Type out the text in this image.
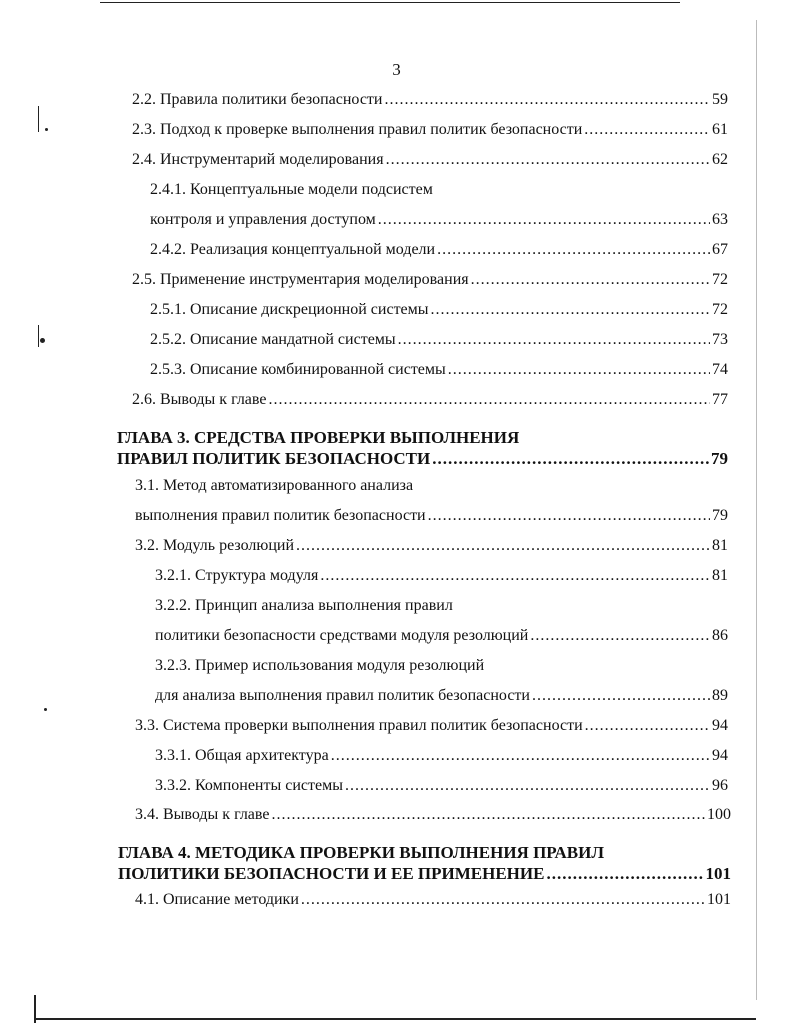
3
2.2. Правила политики безопасности .....	59
2.3. Подход к проверке выполнения правил политик безопасности .....	61
2.4. Инструментарий моделирования .....	62
2.4.1. Концептуальные модели подсистем
контроля и управления доступом .....	63
2.4.2. Реализация концептуальной модели .....	67
2.5. Применение инструментария моделирования .....	72
2.5.1. Описание дискреционной системы .....	72
2.5.2. Описание мандатной системы .....	73
2.5.3. Описание комбинированной системы .....	74
2.6. Выводы к главе .....	77
ГЛАВА 3. СРЕДСТВА ПРОВЕРКИ ВЫПОЛНЕНИЯ
ПРАВИЛ ПОЛИТИК БЕЗОПАСНОСТИ .....	79
3.1. Метод автоматизированного анализа
выполнения правил политик безопасности .....	79
3.2. Модуль резолюций .....	81
3.2.1. Структура модуля .....	81
3.2.2. Принцип анализа выполнения правил
политики безопасности средствами модуля резолюций .....	86
3.2.3. Пример использования модуля резолюций
для анализа выполнения правил политик безопасности .....	89
3.3. Система проверки выполнения правил политик безопасности .....	94
3.3.1. Общая архитектура .....	94
3.3.2. Компоненты системы .....	96
3.4. Выводы к главе .....	100
ГЛАВА 4. МЕТОДИКА ПРОВЕРКИ ВЫПОЛНЕНИЯ ПРАВИЛ
ПОЛИТИКИ БЕЗОПАСНОСТИ И ЕЕ ПРИМЕНЕНИЕ .....	101
4.1. Описание методики .....	101
